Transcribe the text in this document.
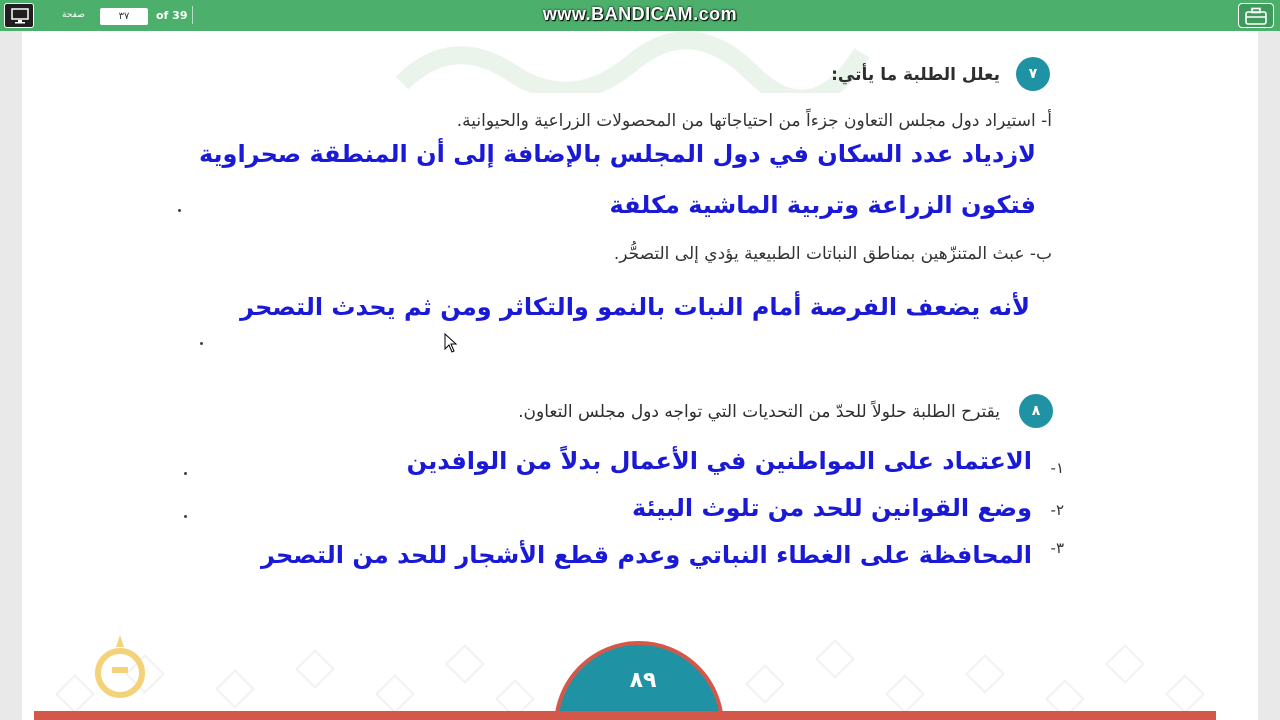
صفحة
٣٧	of 39	www.BANDICAM.com
٧
يعلل الطلبة ما يأتي:
أ- استيراد دول مجلس التعاون جزءاً من احتياجاتها من المحصولات الزراعية والحيوانية.
لازدياد عدد السكان في دول المجلس بالإضافة إلى أن المنطقة صحراوية
فتكون الزراعة وتربية الماشية مكلفة
ب- عبث المتنزّهين بمناطق النباتات الطبيعية يؤدي إلى التصحُّر.
لأنه يضعف الفرصة أمام النبات بالنمو والتكاثر ومن ثم يحدث التصحر
٨
يقترح الطلبة حلولاً للحدّ من التحديات التي تواجه دول مجلس التعاون.
١-
الاعتماد على المواطنين في الأعمال بدلاً من الوافدين
٢-
وضع القوانين للحد من تلوث البيئة
٣-
المحافظة على الغطاء النباتي وعدم قطع الأشجار للحد من التصحر
٨٩
